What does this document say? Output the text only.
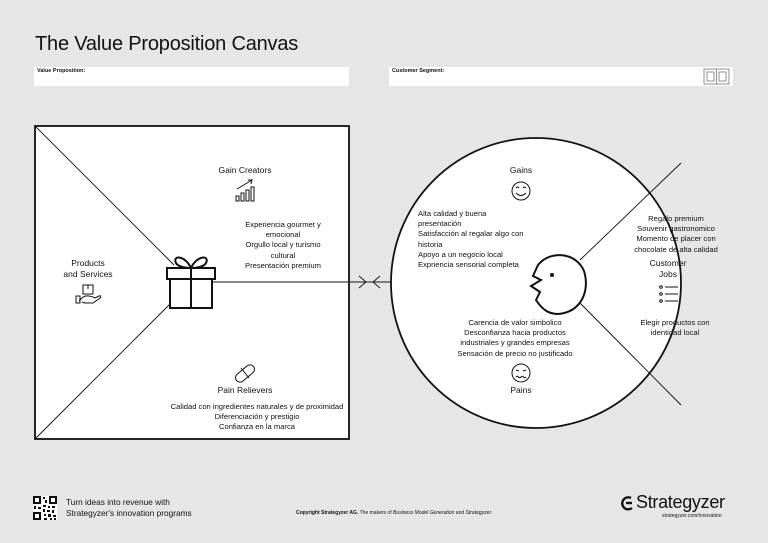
The Value Proposition Canvas
Value Proposition:	Customer Segment:
Gain Creators
Experiencia gourmet y
emocional
Orgullo local y turismo
cultural
Presentación premium
Products
and Services
Pain Relievers
Calidad con ingredientes naturales y de proximidad
Diferenciación y prestigio
Confianza en la marca
Gains
Alta calidad y buena
presentación
Satisfacción al regalar algo con
historia
Apoyo a un negocio local
Expriencia sensorial completa
Regalo premium
Souvenir gastronomico
Momento de placer con
chocolate de alta calidad
Customer
Jobs
Elegir productos con
identidad local
Carencia de valor simbolico
Desconfianza hacia productos
industriales y grandes empresas
Sensación de precio no justificado
Pains
Turn ideas into revenue with
Strategyzer's innovation programs	Copyright Strategyzer AG. The makers of Business Model Generation and Strategyzer.
Strategyzer
strategyzer.com/innovation
